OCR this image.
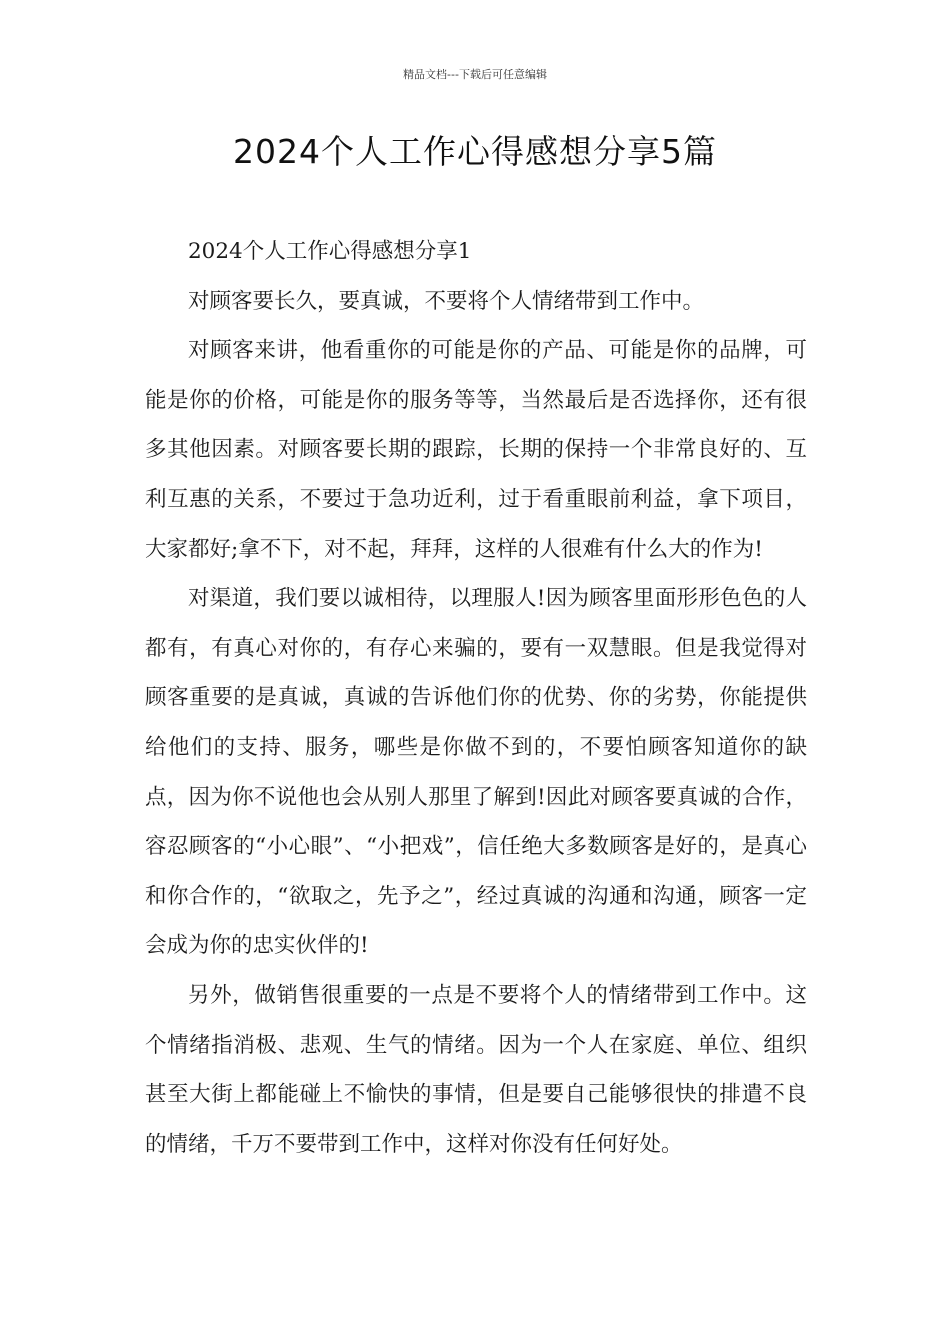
精品文档---下载后可任意编辑
2024个人工作心得感想分享5篇

2024个人工作心得感想分享1

对顾客要长久，要真诚，不要将个人情绪带到工作中。

对顾客来讲，他看重你的可能是你的产品、可能是你的品牌，可能是你的价格，可能是你的服务等等，当然最后是否选择你，还有很多其他因素。对顾客要长期的跟踪，长期的保持一个非常良好的、互利互惠的关系，不要过于急功近利，过于看重眼前利益，拿下项目，大家都好;拿不下，对不起，拜拜，这样的人很难有什么大的作为!

对渠道，我们要以诚相待，以理服人!因为顾客里面形形色色的人都有，有真心对你的，有存心来骗的，要有一双慧眼。但是我觉得对顾客重要的是真诚，真诚的告诉他们你的优势、你的劣势，你能提供给他们的支持、服务，哪些是你做不到的，不要怕顾客知道你的缺点，因为你不说他也会从别人那里了解到!因此对顾客要真诚的合作，容忍顾客的“小心眼”、“小把戏”，信任绝大多数顾客是好的，是真心和你合作的，“欲取之，先予之”，经过真诚的沟通和沟通，顾客一定会成为你的忠实伙伴的!

另外，做销售很重要的一点是不要将个人的情绪带到工作中。这个情绪指消极、悲观、生气的情绪。因为一个人在家庭、单位、组织甚至大街上都能碰上不愉快的事情，但是要自己能够很快的排遣不良的情绪，千万不要带到工作中，这样对你没有任何好处。
